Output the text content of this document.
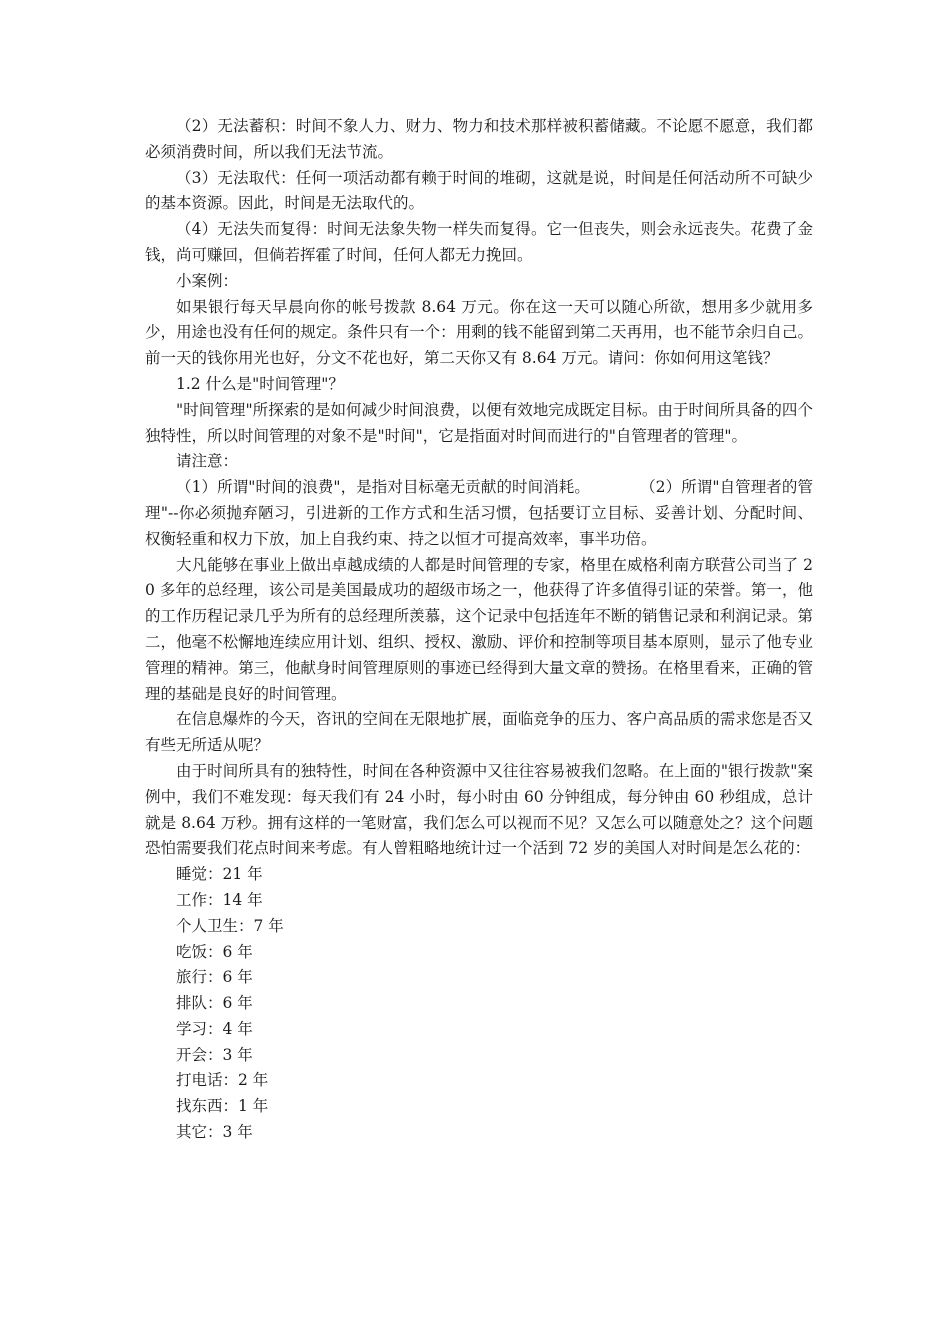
（2）无法蓄积：时间不象人力、财力、物力和技术那样被积蓄储藏。不论愿不愿意，我们都必须消费时间，所以我们无法节流。

（3）无法取代：任何一项活动都有赖于时间的堆砌，这就是说，时间是任何活动所不可缺少的基本资源。因此，时间是无法取代的。

（4）无法失而复得：时间无法象失物一样失而复得。它一但丧失，则会永远丧失。花费了金钱，尚可赚回，但倘若挥霍了时间，任何人都无力挽回。

小案例：

如果银行每天早晨向你的帐号拨款 8.64 万元。你在这一天可以随心所欲，想用多少就用多少，用途也没有任何的规定。条件只有一个：用剩的钱不能留到第二天再用，也不能节余归自己。前一天的钱你用光也好，分文不花也好，第二天你又有 8.64 万元。请问：你如何用这笔钱？

1.2 什么是"时间管理"？

"时间管理"所探索的是如何减少时间浪费，以便有效地完成既定目标。由于时间所具备的四个独特性，所以时间管理的对象不是"时间"，它是指面对时间而进行的"自管理者的管理"。

请注意：

（1）所谓"时间的浪费"，是指对目标毫无贡献的时间消耗。          （2）所谓"自管理者的管理"--你必须抛弃陋习，引进新的工作方式和生活习惯，包括要订立目标、妥善计划、分配时间、权衡轻重和权力下放，加上自我约束、持之以恒才可提高效率，事半功倍。

大凡能够在事业上做出卓越成绩的人都是时间管理的专家，格里在威格利南方联营公司当了 20 多年的总经理，该公司是美国最成功的超级市场之一，他获得了许多值得引证的荣誉。第一，他的工作历程记录几乎为所有的总经理所羡慕，这个记录中包括连年不断的销售记录和利润记录。第二，他毫不松懈地连续应用计划、组织、授权、激励、评价和控制等项目基本原则，显示了他专业管理的精神。第三，他献身时间管理原则的事迹已经得到大量文章的赞扬。在格里看来，正确的管理的基础是良好的时间管理。

在信息爆炸的今天，咨讯的空间在无限地扩展，面临竞争的压力、客户高品质的需求您是否又有些无所适从呢？

由于时间所具有的独特性，时间在各种资源中又往往容易被我们忽略。在上面的"银行拨款"案例中，我们不难发现：每天我们有 24 小时，每小时由 60 分钟组成，每分钟由 60 秒组成，总计就是 8.64 万秒。拥有这样的一笔财富，我们怎么可以视而不见？又怎么可以随意处之？这个问题恐怕需要我们花点时间来考虑。有人曾粗略地统计过一个活到 72 岁的美国人对时间是怎么花的：

睡觉：21 年
工作：14 年
个人卫生：7 年
吃饭：6 年
旅行：6 年
排队：6 年
学习：4 年
开会：3 年
打电话：2 年
找东西：1 年
其它：3 年
